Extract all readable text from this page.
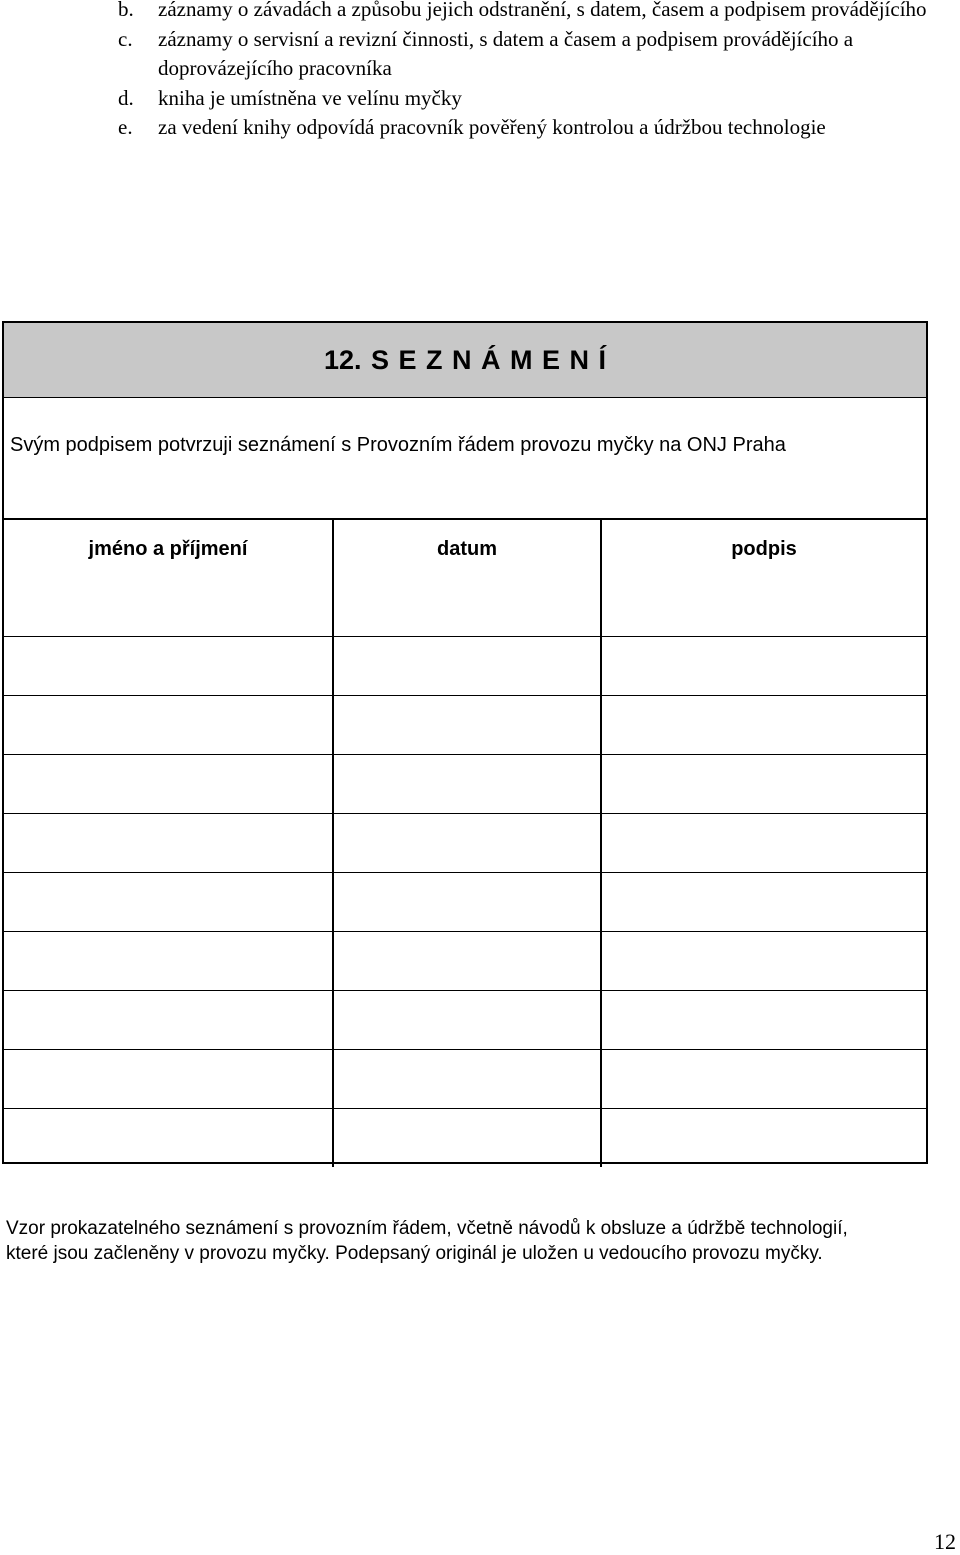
b. záznamy o závadách a způsobu jejich odstranění, s datem, časem a podpisem provádějícího
c. záznamy o servisní a revizní činnosti, s datem a časem a podpisem provádějícího a doprovázejícího pracovníka
d. kniha je umístněna ve velínu myčky
e. za vedení knihy odpovídá pracovník pověřený kontrolou a údržbou technologie
12. S E Z N Á M E N Í
Svým podpisem potvrzuji seznámení s Provozním řádem provozu myčky na ONJ Praha
jméno a příjmení	datum	podpis

Vzor prokazatelného seznámení s provozním řádem, včetně návodů k obsluze a údržbě technologií,
které jsou začleněny v provozu myčky. Podepsaný originál je uložen u vedoucího provozu myčky.
12
